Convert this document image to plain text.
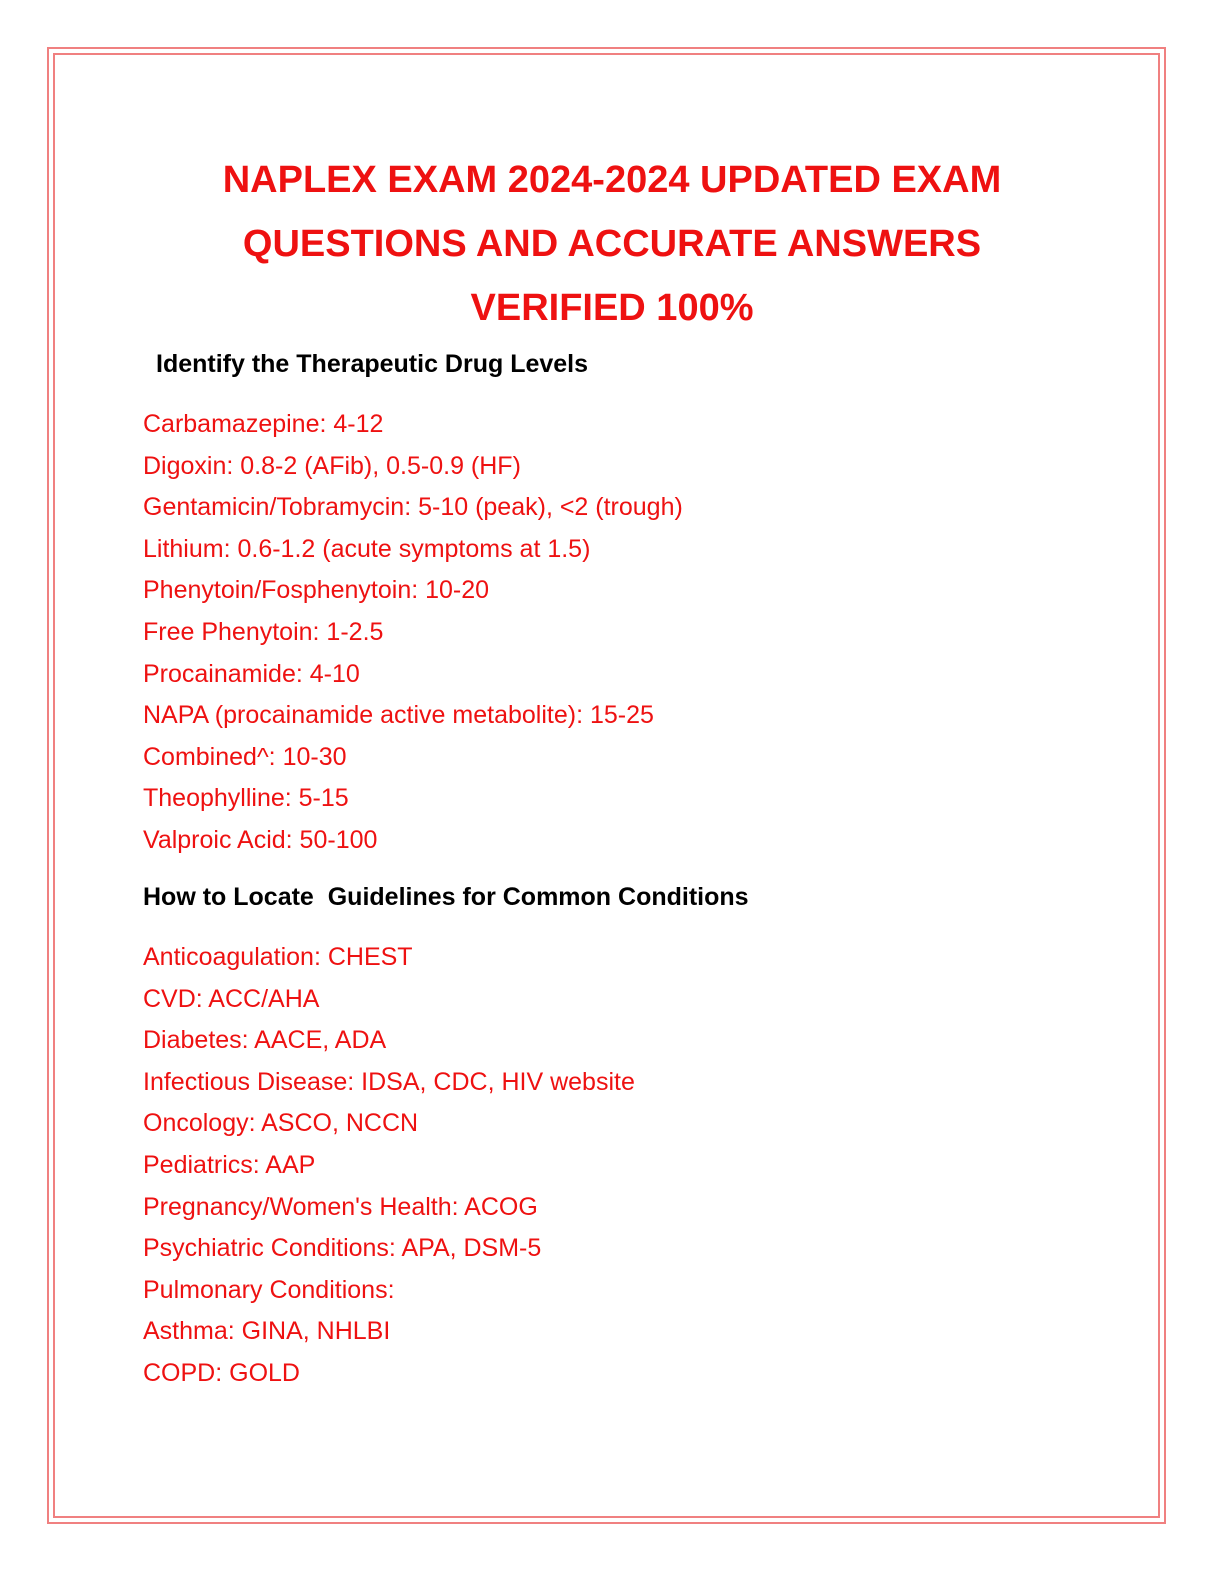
NAPLEX EXAM 2024-2024 UPDATED EXAM
QUESTIONS AND ACCURATE ANSWERS
VERIFIED 100%
Identify the Therapeutic Drug Levels
Carbamazepine: 4-12
Digoxin: 0.8-2 (AFib), 0.5-0.9 (HF)
Gentamicin/Tobramycin: 5-10 (peak), <2 (trough)
Lithium: 0.6-1.2 (acute symptoms at 1.5)
Phenytoin/Fosphenytoin: 10-20
Free Phenytoin: 1-2.5
Procainamide: 4-10
NAPA (procainamide active metabolite): 15-25
Combined^: 10-30
Theophylline: 5-15
Valproic Acid: 50-100
How to Locate  Guidelines for Common Conditions
Anticoagulation: CHEST
CVD: ACC/AHA
Diabetes: AACE, ADA
Infectious Disease: IDSA, CDC, HIV website
Oncology: ASCO, NCCN
Pediatrics: AAP
Pregnancy/Women's Health: ACOG
Psychiatric Conditions: APA, DSM-5
Pulmonary Conditions:
Asthma: GINA, NHLBI
COPD: GOLD
